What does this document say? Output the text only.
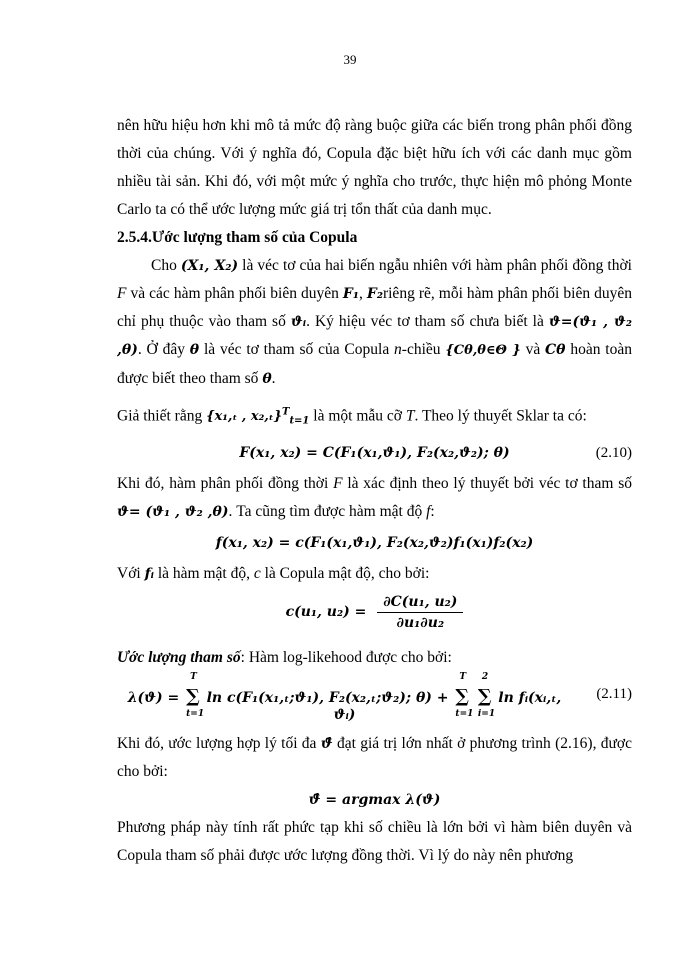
39

nên hữu hiệu hơn khi mô tả mức độ ràng buộc giữa các biến trong phân phối đồng thời của chúng. Với ý nghĩa đó, Copula đặc biệt hữu ích với các danh mục gồm nhiều tài sản. Khi đó, với một mức ý nghĩa cho trước, thực hiện mô phỏng Monte Carlo ta có thể ước lượng mức giá trị tổn thất của danh mục.

2.5.4.Ước lượng tham số của Copula

Cho (X₁, X₂) là véc tơ của hai biến ngẫu nhiên với hàm phân phối đồng thời F và các hàm phân phối biên duyên F₁, F₂riêng rẽ, mỗi hàm phân phối biên duyên chỉ phụ thuộc vào tham số ϑᵢ. Ký hiệu véc tơ tham số chưa biết là ϑ=(ϑ₁ , ϑ₂ ,θ). Ở đây θ là véc tơ tham số của Copula n-chiều {Cθ,θ∈Θ } và Cθ hoàn toàn được biết theo tham số θ.

Giả thiết rằng {x₁,ₜ , x₂,ₜ}$^T_{t=1}$ là một mẫu cỡ T. Theo lý thuyết Sklar ta có:

F(x₁, x₂) = C(F₁(x₁,ϑ₁), F₂(x₂,ϑ₂); θ)	(2.10)

Khi đó, hàm phân phối đồng thời F là xác định theo lý thuyết bởi véc tơ tham số ϑ= (ϑ₁ , ϑ₂ ,θ). Ta cũng tìm được hàm mật độ f:

f(x₁, x₂) = c(F₁(x₁,ϑ₁), F₂(x₂,ϑ₂)f₁(x₁)f₂(x₂)

Với fᵢ là hàm mật độ, c là Copula mật độ, cho bởi:

c(u₁, $u_2) = \frac{\text{∂C(u₁, u₂)}}{\text{∂u₁∂u₂}}$

Ước lượng tham số: Hàm log-likehood được cho bởi:

λ(ϑ) = ∑
T
t=1
ln c(F₁(x₁,ₜ;ϑ₁), F₂(x₂,ₜ;ϑ₂); θ) + ∑
T
t=1
∑
2
i=1
ln fᵢ(xᵢ,ₜ, ϑᵢ)
(2.11)

Khi đó, ước lượng hợp lý tối đa ϑ̂ đạt giá trị lớn nhất ở phương trình (2.16), được cho bởi:

ϑ̂ = argmax λ(ϑ)

Phương pháp này tính rất phức tạp khi số chiều là lớn bởi vì hàm biên duyên và Copula tham số phải được ước lượng đồng thời. Vì lý do này nên phương
